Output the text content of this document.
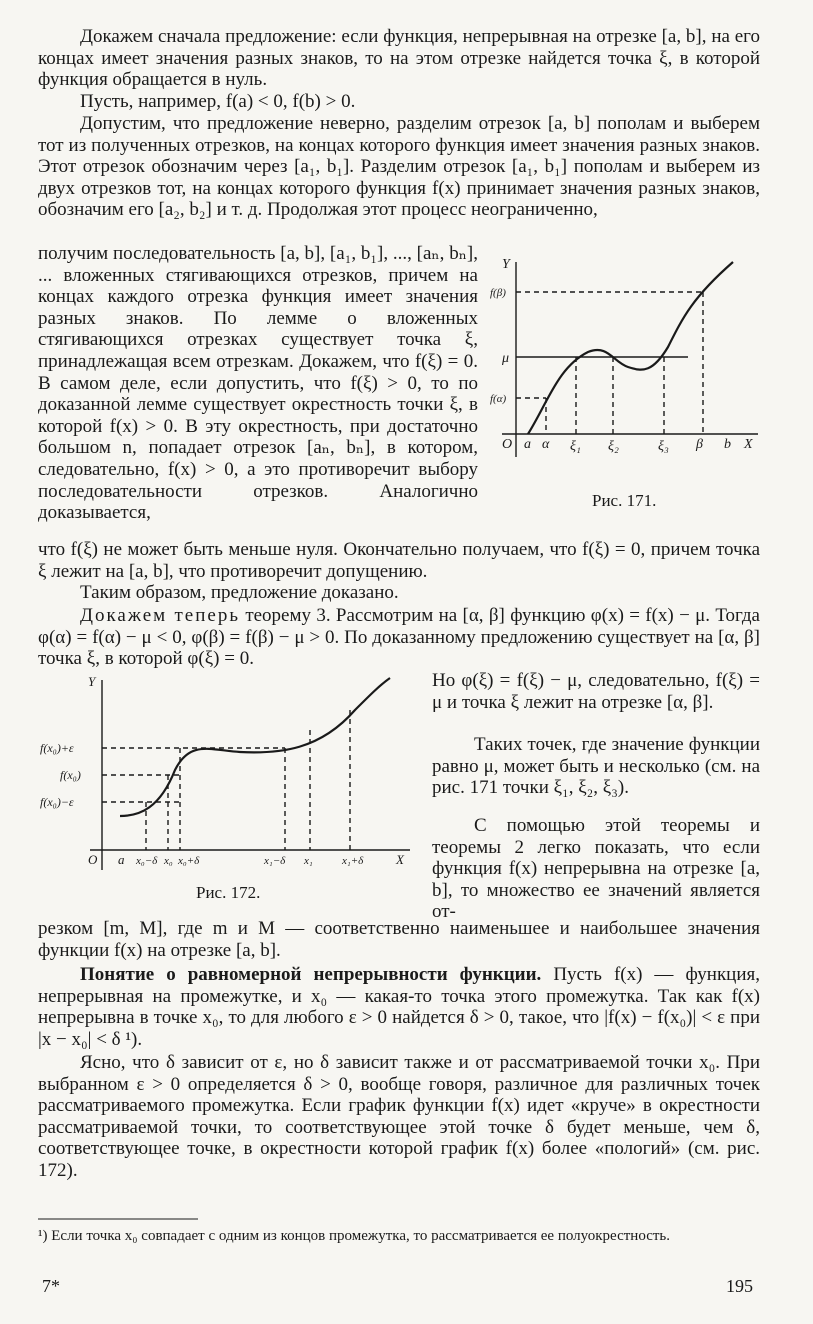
Докажем сначала предложение: если функция, непрерывная на отрезке [a, b], на его концах имеет значения разных знаков, то на этом отрезке найдется точка ξ, в которой функция обращается в нуль.

Пусть, например, f(a) < 0, f(b) > 0.

Допустим, что предложение неверно, разделим отрезок [a, b] пополам и выберем тот из полученных отрезков, на концах которого функция имеет значения разных знаков. Этот отрезок обозначим через [a₁, b₁]. Разделим отрезок [a₁, b₁] пополам и выберем из двух отрезков тот, на концах которого функция f(x) принимает значения разных знаков, обозначим его [a₂, b₂] и т. д. Продолжая этот процесс неограниченно,

получим последовательность [a, b], [a₁, b₁], ..., [aₙ, bₙ], ... вложенных стягивающихся отрезков, причем на концах каждого отрезка функция имеет значения разных знаков. По лемме о вложенных стягивающихся отрезках существует точка ξ, принадлежащая всем отрезкам. Докажем, что f(ξ) = 0. В самом деле, если допустить, что f(ξ) > 0, то по доказанной лемме существует окрестность точки ξ, в которой f(x) > 0. В эту окрестность, при достаточно большом n, попадает отрезок [aₙ, bₙ], в котором, следовательно, f(x) > 0, а это противоречит выбору последовательности отрезков. Аналогично доказывается,

Y
f(β)
μ
f(α)
O a α ξ₁ ξ₂	ξ₃ β b X
Рис. 171.

что f(ξ) не может быть меньше нуля. Окончательно получаем, что f(ξ) = 0, причем точка ξ лежит на [a, b], что противоречит допущению.

Таким образом, предложение доказано.

Докажем теперь теорему 3. Рассмотрим на [α, β] функцию φ(x) = f(x) − μ. Тогда φ(α) = f(α) − μ < 0, φ(β) = f(β) − μ > 0. По доказанному предложению существует на [α, β] точка ξ, в которой φ(ξ) = 0.

Y
f(x₀)+ε
f(x₀)
f(x₀)−ε
O a x₀−δ x₀ x₀+δ	x₁−δ x₁	x₁+δ	X
Рис. 172.

Но φ(ξ) = f(ξ) − μ, следовательно, f(ξ) = μ и точка ξ лежит на отрезке [α, β].

Таких точек, где значение функции равно μ, может быть и несколько (см. на рис. 171 точки ξ₁, ξ₂, ξ₃).

С помощью этой теоремы и теоремы 2 легко показать, что если функция f(x) непрерывна на отрезке [a, b], то множество ее значений является от-

резком [m, M], где m и M — соответственно наименьшее и наибольшее значения функции f(x) на отрезке [a, b].

Понятие о равномерной непрерывности функции. Пусть f(x) — функция, непрерывная на промежутке, и x₀ — какая-то точка этого промежутка. Так как f(x) непрерывна в точке x₀, то для любого ε > 0 найдется δ > 0, такое, что |f(x) − f(x₀)| < ε при |x − x₀| < δ ¹).

Ясно, что δ зависит от ε, но δ зависит также и от рассматриваемой точки x₀. При выбранном ε > 0 определяется δ > 0, вообще говоря, различное для различных точек рассматриваемого промежутка. Если график функции f(x) идет «круче» в окрестности рассматриваемой точки, то соответствующее этой точке δ будет меньше, чем δ, соответствующее точке, в окрестности которой график f(x) более «пологий» (см. рис. 172).

¹) Если точка x₀ совпадает с одним из концов промежутка, то рассматривается ее полуокрестность.
7*	195
